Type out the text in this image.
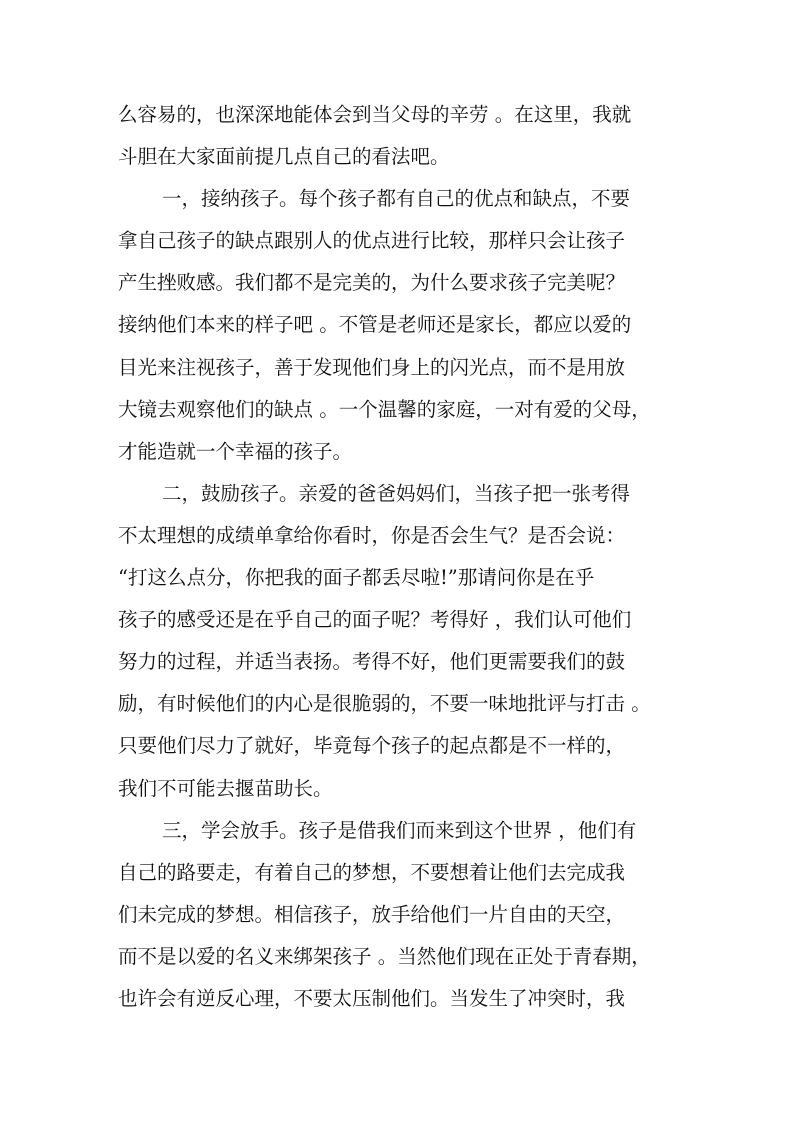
么容易的，也深深地能体会到当父母的辛劳 。在这里，我就
斗胆在大家面前提几点自己的看法吧。
一，接纳孩子。每个孩子都有自己的优点和缺点，不要
拿自己孩子的缺点跟别人的优点进行比较，那样只会让孩子
产生挫败感。我们都不是完美的，为什么要求孩子完美呢？
接纳他们本来的样子吧 。不管是老师还是家长，都应以爱的
目光来注视孩子，善于发现他们身上的闪光点，而不是用放
大镜去观察他们的缺点 。一个温馨的家庭，一对有爱的父母，
才能造就一个幸福的孩子。
二，鼓励孩子。亲爱的爸爸妈妈们，当孩子把一张考得
不太理想的成绩单拿给你看时，你是否会生气？是否会说：
“打这么点分，你把我的面子都丢尽啦!”那请问你是在乎
孩子的感受还是在乎自己的面子呢？考得好 ，我们认可他们
努力的过程，并适当表扬。考得不好，他们更需要我们的鼓
励，有时候他们的内心是很脆弱的，不要一味地批评与打击 。
只要他们尽力了就好，毕竟每个孩子的起点都是不一样的，
我们不可能去揠苗助长。
三，学会放手。孩子是借我们而来到这个世界 ，他们有
自己的路要走，有着自己的梦想，不要想着让他们去完成我
们未完成的梦想。相信孩子，放手给他们一片自由的天空，
而不是以爱的名义来绑架孩子 。当然他们现在正处于青春期，
也许会有逆反心理，不要太压制他们。当发生了冲突时，我
